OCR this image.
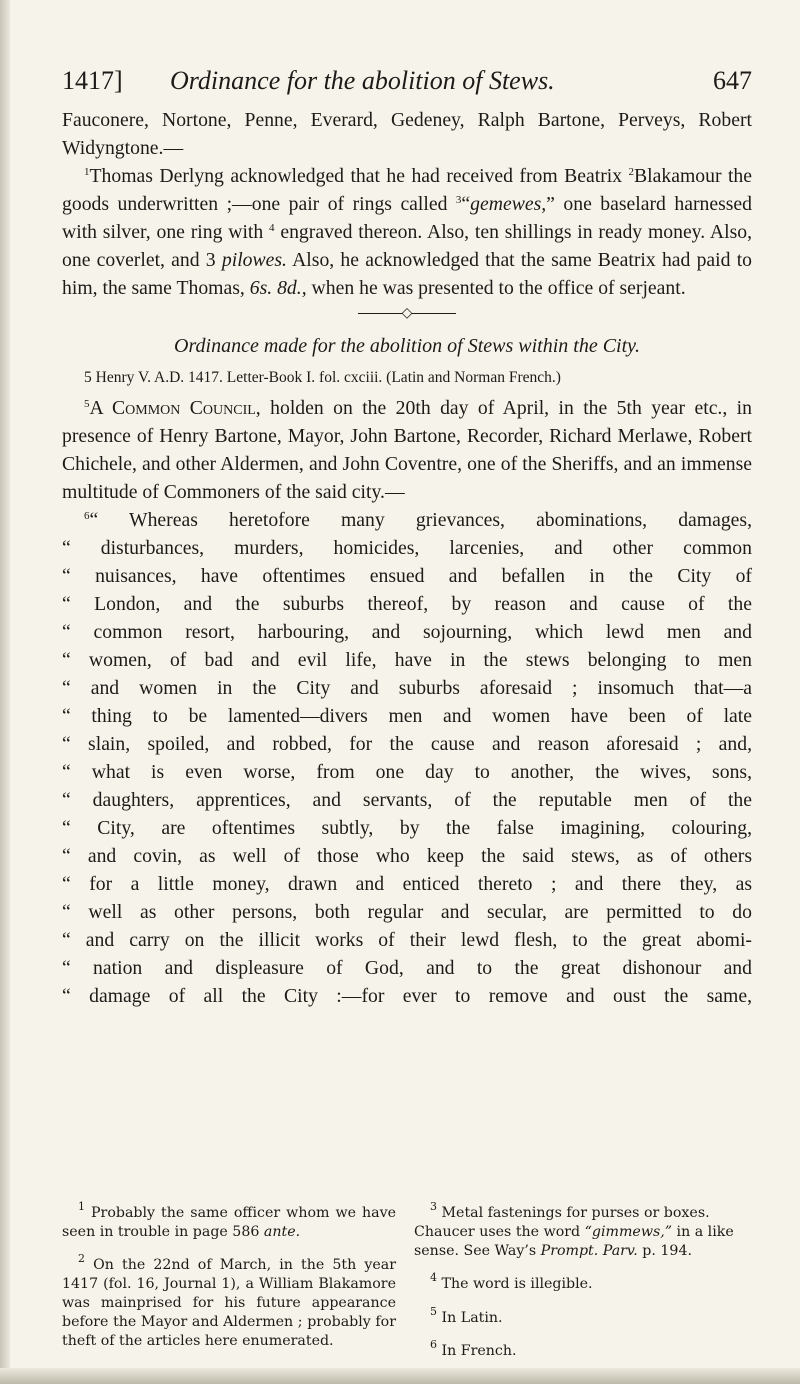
1417] Ordinance for the abolition of Stews.	647

Fauconere, Nortone, Penne, Everard, Gedeney, Ralph Bartone, Perveys, Robert Widyngtone.—

$^1$Thomas Derlyng acknowledged that he had received from Beatrix $^2$Blakamour the goods underwritten ;—one pair of rings called $^3$“gemewes,” one baselard harnessed with silver, one ring with $^4$ engraved thereon. Also, ten shillings in ready money. Also, one coverlet, and 3 pilowes. Also, he acknowledged that the same Beatrix had paid to him, the same Thomas, 6s. 8d., when he was presented to the office of serjeant.

◇
Ordinance made for the abolition of Stews within the City.
5 Henry V. A.D. 1417. Letter-Book I. fol. cxciii. (Latin and Norman French.)

$^5$A Common Council, holden on the 20th day of April, in the 5th year etc., in presence of Henry Bartone, Mayor, John Bartone, Recorder, Richard Merlawe, Robert Chichele, and other Aldermen, and John Coventre, one of the Sheriffs, and an immense multitude of Commoners of the said city.—

$^6$“ Whereas heretofore many grievances, abominations, damages,
“ disturbances, murders, homicides, larcenies, and other common
“ nuisances, have oftentimes ensued and befallen in the City of
“ London, and the suburbs thereof, by reason and cause of the
“ common resort, harbouring, and sojourning, which lewd men and
“ women, of bad and evil life, have in the stews belonging to men
“ and women in the City and suburbs aforesaid ; insomuch that—a
“ thing to be lamented—divers men and women have been of late
“ slain, spoiled, and robbed, for the cause and reason aforesaid ; and,
“ what is even worse, from one day to another, the wives, sons,
“ daughters, apprentices, and servants, of the reputable men of the
“ City, are oftentimes subtly, by the false imagining, colouring,
“ and covin, as well of those who keep the said stews, as of others
“ for a little money, drawn and enticed thereto ; and there they, as
“ well as other persons, both regular and secular, are permitted to do
“ and carry on the illicit works of their lewd flesh, to the great abomi-
“ nation and displeasure of God, and to the great dishonour and
“ damage of all the City :—for ever to remove and oust the same,

$^1$ Probably the same officer whom we have seen in trouble in page 586 ante.

$^2$ On the 22nd of March, in the 5th year 1417 (fol. 16, Journal 1), a William Blakamore was mainprised for his future appearance before the Mayor and Aldermen ; probably for theft of the articles here enumerated.

$^3$ Metal fastenings for purses or boxes. Chaucer uses the word “gimmews,” in a like sense. See Way’s Prompt. Parv. p. 194.

$^4$ The word is illegible.

$^5$ In Latin.

$^6$ In French.
